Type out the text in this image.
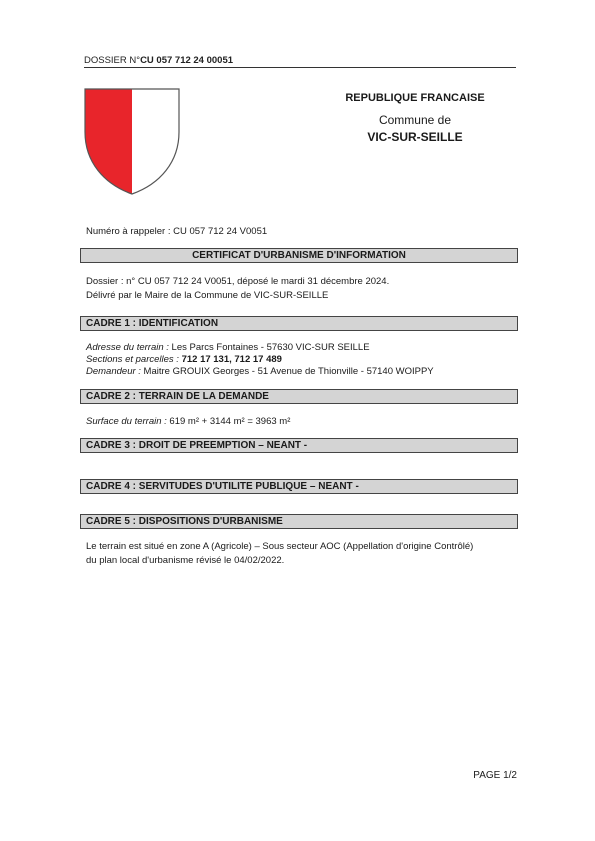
DOSSIER N°CU 057 712 24 00051
REPUBLIQUE FRANCAISE
Commune de
VIC-SUR-SEILLE
Numéro à rappeler : CU 057 712 24 V0051
CERTIFICAT D'URBANISME D'INFORMATION
Dossier : n° CU 057 712 24 V0051, déposé le mardi 31 décembre 2024.
Délivré par le Maire de la Commune de VIC-SUR-SEILLE
CADRE 1 : IDENTIFICATION
Adresse du terrain : Les Parcs Fontaines - 57630 VIC-SUR SEILLE
Sections et parcelles : 712 17 131, 712 17 489
Demandeur : Maitre GROUIX Georges - 51 Avenue de Thionville - 57140 WOIPPY
CADRE 2 : TERRAIN DE LA DEMANDE
Surface du terrain : 619 m² + 3144 m² = 3963 m²
CADRE 3 : DROIT DE PREEMPTION – NEANT -
CADRE 4 : SERVITUDES D'UTILITE PUBLIQUE – NEANT -
CADRE 5 : DISPOSITIONS D'URBANISME
Le terrain est situé en zone A (Agricole) – Sous secteur AOC (Appellation d'origine Contrôlé)
du plan local d'urbanisme révisé le 04/02/2022.
PAGE 1/2
